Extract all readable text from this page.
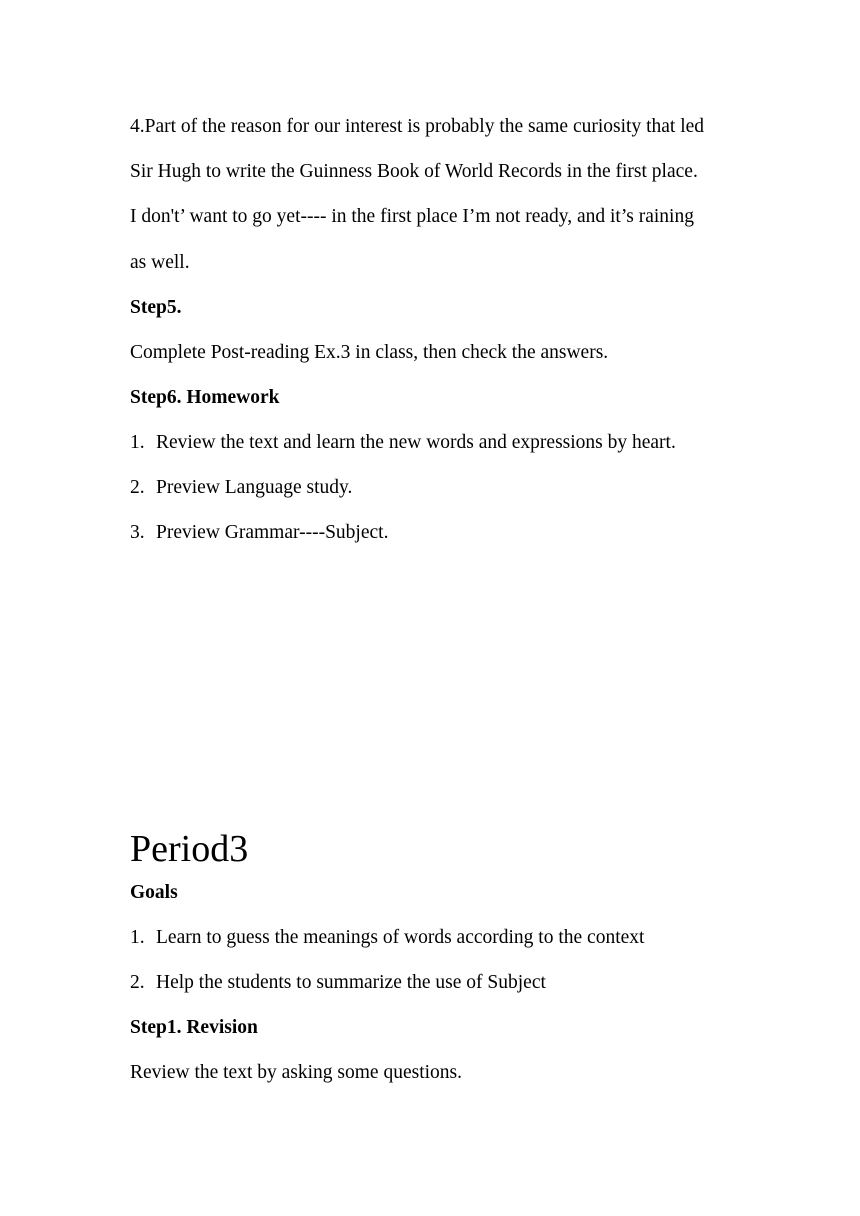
4.Part of the reason for our interest is probably the same curiosity that led
Sir Hugh to write the Guinness Book of World Records in the first place.
I don't’ want to go yet---- in the first place I’m not ready, and it’s raining
as well.
Step5.
Complete Post-reading Ex.3 in class, then check the answers.
Step6. Homework
1. Review the text and learn the new words and expressions by heart.
2. Preview Language study.
3. Preview Grammar----Subject.
Period3
Goals
1. Learn to guess the meanings of words according to the context
2. Help the students to summarize the use of Subject
Step1. Revision
Review the text by asking some questions.
